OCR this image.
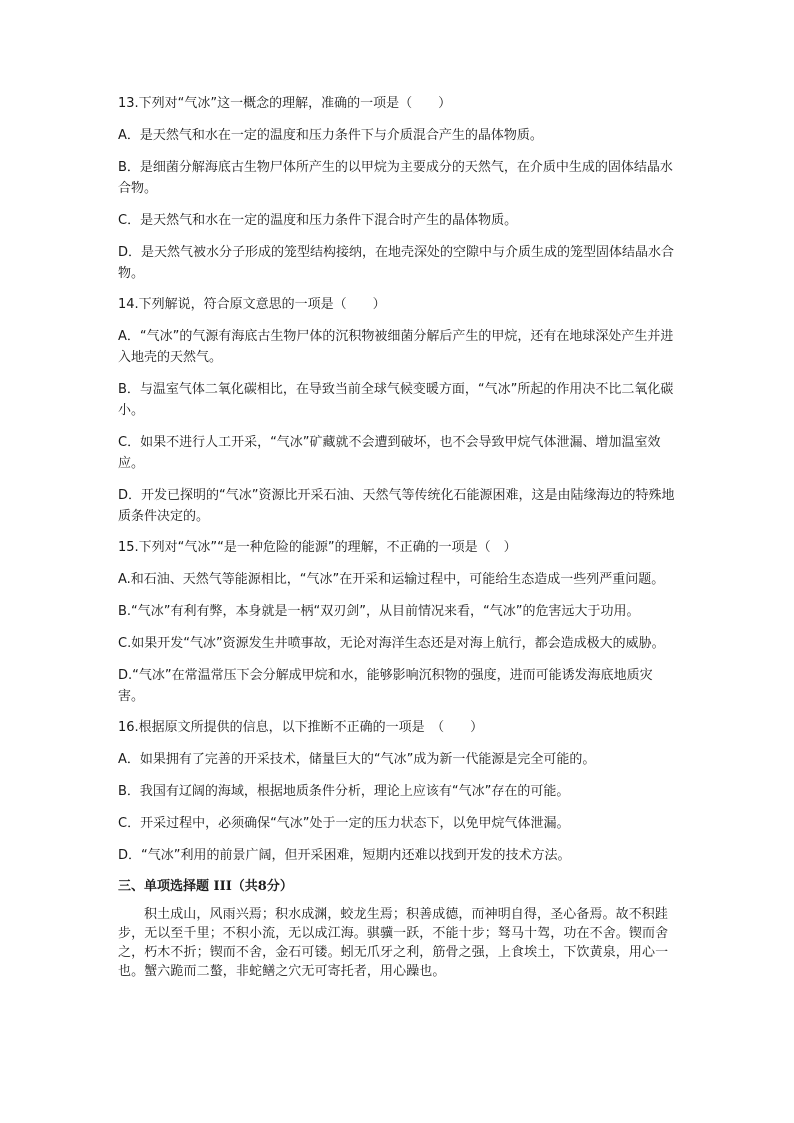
13.下列对“气冰”这一概念的理解，准确的一项是（　　）

A．是天然气和水在一定的温度和压力条件下与介质混合产生的晶体物质。

B．是细菌分解海底古生物尸体所产生的以甲烷为主要成分的天然气，在介质中生成的固体结晶水合物。

C．是天然气和水在一定的温度和压力条件下混合时产生的晶体物质。

D．是天然气被水分子形成的笼型结构接纳，在地壳深处的空隙中与介质生成的笼型固体结晶水合物。

14.下列解说，符合原文意思的一项是（　　）

A．“气冰”的气源有海底古生物尸体的沉积物被细菌分解后产生的甲烷，还有在地球深处产生并进入地壳的天然气。

B．与温室气体二氧化碳相比，在导致当前全球气候变暖方面，“气冰”所起的作用决不比二氧化碳小。

C．如果不进行人工开采，“气冰”矿藏就不会遭到破坏，也不会导致甲烷气体泄漏、增加温室效应。

D．开发已探明的“气冰”资源比开采石油、天然气等传统化石能源困难，这是由陆缘海边的特殊地质条件决定的。

15.下列对“气冰”“是一种危险的能源”的理解，不正确的一项是（　）

A.和石油、天然气等能源相比，“气冰”在开采和运输过程中，可能给生态造成一些列严重问题。

B.“气冰”有利有弊，本身就是一柄“双刃剑”，从目前情况来看，“气冰”的危害远大于功用。

C.如果开发“气冰”资源发生井喷事故，无论对海洋生态还是对海上航行，都会造成极大的威胁。

D.“气冰”在常温常压下会分解成甲烷和水，能够影响沉积物的强度，进而可能诱发海底地质灾害。

16.根据原文所提供的信息，以下推断不正确的一项是　（　　）

A．如果拥有了完善的开采技术，储量巨大的“气冰”成为新一代能源是完全可能的。

B．我国有辽阔的海域，根据地质条件分析，理论上应该有“气冰”存在的可能。

C．开采过程中，必须确保“气冰”处于一定的压力状态下，以免甲烷气体泄漏。

D．“气冰”利用的前景广阔，但开采困难，短期内还难以找到开发的技术方法。

三、单项选择题 III（共8分）

积土成山，风雨兴焉；积水成渊，蛟龙生焉；积善成德，而神明自得，圣心备焉。故不积跬步，无以至千里；不积小流，无以成江海。骐骥一跃，不能十步；驽马十驾，功在不舍。锲而舍之，朽木不折；锲而不舍，金石可镂。蚓无爪牙之利，筋骨之强，上食埃土，下饮黄泉，用心一也。蟹六跪而二螯，非蛇鳝之穴无可寄托者，用心躁也。
